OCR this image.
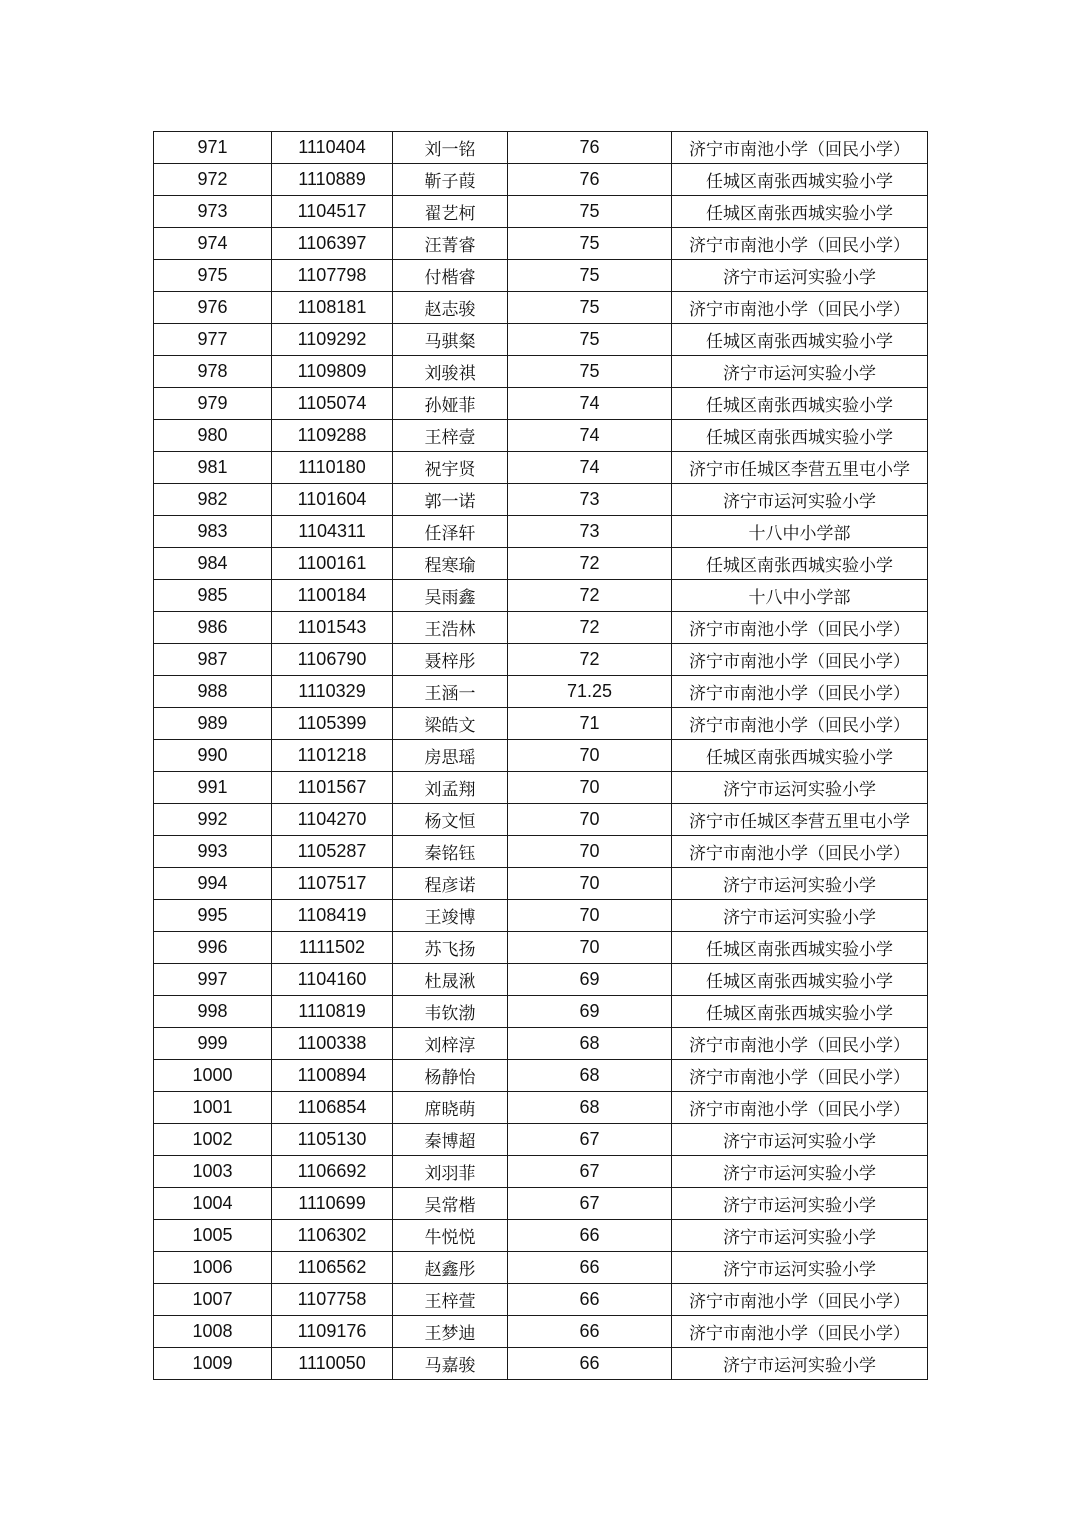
971	1110404	刘一铭	76	济宁市南池小学（回民小学）
972	1110889	靳子葭	76	任城区南张西城实验小学
973	1104517	翟艺柯	75	任城区南张西城实验小学
974	1106397	汪菁睿	75	济宁市南池小学（回民小学）
975	1107798	付楷睿	75	济宁市运河实验小学
976	1108181	赵志骏	75	济宁市南池小学（回民小学）
977	1109292	马骐粲	75	任城区南张西城实验小学
978	1109809	刘骏祺	75	济宁市运河实验小学
979	1105074	孙娅菲	74	任城区南张西城实验小学
980	1109288	王梓壹	74	任城区南张西城实验小学
981	1110180	祝宇贤	74	济宁市任城区李营五里屯小学
982	1101604	郭一诺	73	济宁市运河实验小学
983	1104311	任泽轩	73	十八中小学部
984	1100161	程寒瑜	72	任城区南张西城实验小学
985	1100184	吴雨鑫	72	十八中小学部
986	1101543	王浩林	72	济宁市南池小学（回民小学）
987	1106790	聂梓彤	72	济宁市南池小学（回民小学）
988	1110329	王涵一	71.25	济宁市南池小学（回民小学）
989	1105399	梁皓文	71	济宁市南池小学（回民小学）
990	1101218	房思瑶	70	任城区南张西城实验小学
991	1101567	刘孟翔	70	济宁市运河实验小学
992	1104270	杨文恒	70	济宁市任城区李营五里屯小学
993	1105287	秦铭钰	70	济宁市南池小学（回民小学）
994	1107517	程彦诺	70	济宁市运河实验小学
995	1108419	王竣博	70	济宁市运河实验小学
996	1111502	苏飞扬	70	任城区南张西城实验小学
997	1104160	杜晟湫	69	任城区南张西城实验小学
998	1110819	韦钦渤	69	任城区南张西城实验小学
999	1100338	刘梓淳	68	济宁市南池小学（回民小学）
1000	1100894	杨静怡	68	济宁市南池小学（回民小学）
1001	1106854	席晓萌	68	济宁市南池小学（回民小学）
1002	1105130	秦博超	67	济宁市运河实验小学
1003	1106692	刘羽菲	67	济宁市运河实验小学
1004	1110699	吴常楷	67	济宁市运河实验小学
1005	1106302	牛悦悦	66	济宁市运河实验小学
1006	1106562	赵鑫彤	66	济宁市运河实验小学
1007	1107758	王梓萱	66	济宁市南池小学（回民小学）
1008	1109176	王梦迪	66	济宁市南池小学（回民小学）
1009	1110050	马嘉骏	66	济宁市运河实验小学
